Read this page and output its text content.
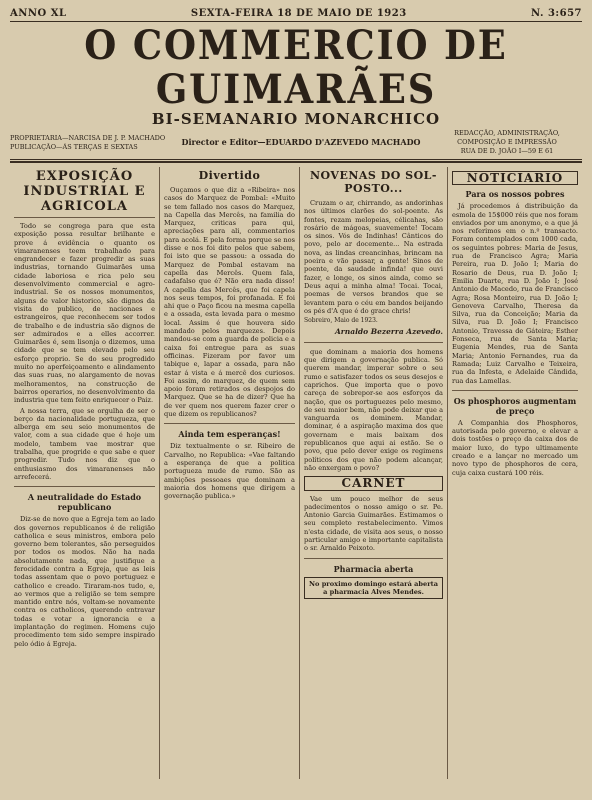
ANNO XL	SEXTA-FEIRA 18 DE MAIO DE 1923	N. 3:657
O COMMERCIO DE GUIMARÃES
BI-SEMANARIO MONARCHICO
PROPRIETARIA—NARCISA DE J. P. MACHADO
PUBLICAÇÃO—ÁS TERÇAS E SEXTAS	Director e Editor—EDUARDO D'AZEVEDO MACHADO
REDACÇÃO, ADMINISTRAÇÃO, COMPOSIÇÃO E IMPRESSÃO
RUA DE D. JOÃO I—59 E 61
EXPOSIÇÃO INDUSTRIAL E AGRICOLA

Todo se congrega para que esta exposição possa resultar brilhante e prove á evidência o quanto os vimaranenses teem trabalhado para engrandecer e fazer progredir as suas industrias, tornando Guimarães uma cidade laboriosa e rica pelo seu desenvolvimento commercial e agro-industrial. Se os nossos monumentos, alguns de valor historico, são dignos da visita do publico, de nacionaes e estrangeiros, que reconhecem ser todos de trabalho e de industria são dignos de ser admirados e a elles accorrer. Guimarães é, sem lisonja o dizemos, uma cidade que se tem elevado pelo seu esforço proprio. Se do seu progredido muito no aperfeiçoamento e alindamento das suas ruas, no alargamento de novas melhoramentos, na construcção de bairros operarios, no desenvolvimento da industria que tem feito enriquecer o Paiz.

A nossa terra, que se orgulha de ser o berço da nacionalidade portugueza, que alberga em seu seio monumentos de valor, com a sua cidade que é hoje um modelo, tambem vae mostrar que trabalha, que progride e que sabe e quer progredir. Tudo nos diz que o enthusiasmo dos vimaranenses não arrefecerá.

A neutralidade do Estado republicano

Diz-se de novo que a Egreja tem ao lado dos governos republicanos é de religião catholica e seus ministros, embora pelo governo bem tolerantes, são perseguidos por todos os modos. Não ha nada absolutamente nada, que justifique a ferocidade contra a Egreja, que as leis todas assentam que o povo portuguez e catholico e creado. Tiraram-nos tudo, e, ao vermos que a religião se tem sempre mantido entre nós, voltam-se novamente contra os catholicos, querendo entravar todas e votar a ignorancia e a implantação do regimen. Homens cujo procedimento tem sido sempre inspirado pelo ódio á Egreja.

Divertido

Ouçamos o que diz a «Ribeira» nos casos do Marquez de Pombal: «Muito se tem fallado nos casos do Marquez, na Capella das Mercês, na familia do Marquez, criticas para qui, apreciações para ali, commentarios para acolá. E pela forma porque se nos disse e nos foi dito pelos que sabem, foi isto que se passou: a ossada do Marquez de Pombal estavam na capella das Mercês. Quem fala, cadafalso que é? Não era nada disso! A capella das Mercês, que foi capela nos seus tempos, foi profanada. E foi ahi que o Paço ficou na mesma capella e a ossada, esta levada para o mesmo local. Assim é que houvera sido mandado pelos marquezes. Depois mandou-se com a guarda de policia e a caixa foi entregue para as suas officinas. Fizeram por favor um tabique e, lapar a ossada, para não estar á vista e á mercê dos curiosos. Foi assim, do marquez, de quem sem apoio foram retirados os despojos do Marquez. Que se ha de dizer? Que ha de ver quem nos querem fazer crer o que dizem os republicanos?

Ainda tem esperanças!

Diz textualmente o sr. Ribeiro de Carvalho, no Republica: «Vae faltando a esperança de que a politica portugueza mude de rumo. São as ambições pessoaes que dominam a maioria dos homens que dirigem a governação publica.»

NOVENAS DO SOL-POSTO...

Cruzam o ar, chirrando, as andorinhas nos últimos clarões do sol-poente. As fontes, rezam melopeias, célicahas, são rosário de mágoas, suavemente! Tocam os sinos. Vós de Indinhas! Cânticos do povo, pelo ar docemente... Na estrada nova, as lindas creancinhas, brincam na poeira e vão passar, a gente! Sinos de poente, da saudade infinda! que ouvi fazer, e longe, os sinos ainda, como se Deus aqui a minha alma! Tocai. Tocai, poemas de versos brandos que se levantem para o céu em bandos beijando os pés d'A que é do grace chris!

Sobreiro, Maio de 1923.
Arnaldo Bezerra Azevedo.

que dominam a maioria dos homens que dirigem a governação publica. Só querem mandar, imperar sobre o seu rumo e satisfazer todos os seus desejos e caprichos. Que importa que o povo careça de sobrepor-se aos esforços da nação, que os portuguezes pelo mesmo, de seu maior bem, não pode deixar que a vanguarda os dominem. Mandar, dominar, é a aspiração maxima dos que governam e mais baixam dos republicanos que aqui ai estão. Se o povo, que pelo dever exige os regimens políticos dos que não podem alcançar, não enxergam o povo?

CARNET

Vae um pouco melhor de seus padecimentos o nosso amigo o sr. Pe. Antonio Garcia Guimarães. Estimamos o seu completo restabelecimento. Vimos n'esta cidade, de visita aos seus, o nosso particular amigo e importante capitalista o sr. Arnaldo Peixoto.

Pharmacia aberta
No proximo domingo estará aberta a pharmacia Alves Mendes.
NOTICIARIO
Para os nossos pobres

Já procedemos á distribuição da esmola de 15$000 réis que nos foram enviados por um anonymo, e a que já nos referimos em o n.º transacto. Foram contemplados com 1000 cada, os seguintes pobres: Maria de Jesus, rua de Francisco Agra; Maria Pereira, rua D. João I; Maria do Rosario de Deus, rua D. João I; Emilia Duarte, rua D. João I; José Antonio de Macedo, rua de Francisco Agra; Rosa Monteiro, rua D. João I; Genoveva Carvalho, Theresa da Silva, rua da Conceição; Maria da Silva, rua D. João I; Francisco Antonio, Travessa de Gáteira; Esther Fonseca, rua de Santa Maria; Eugenia Mendes, rua de Santa Maria; Antonio Fernandes, rua da Ramada; Luiz Carvalho e Teixeira, rua da Infesta, e Adelaide Cândida, rua das Lamellas.

Os phosphoros augmentam de preço

A Companhia dos Phosphoros, autorisada pelo governo, e elevar a dois tostões o preço da caixa dos de maior luxo, do typo ultimamente creado e a lançar no mercado um novo typo de phosphoros de cera, cuja caixa custará 100 réis.
